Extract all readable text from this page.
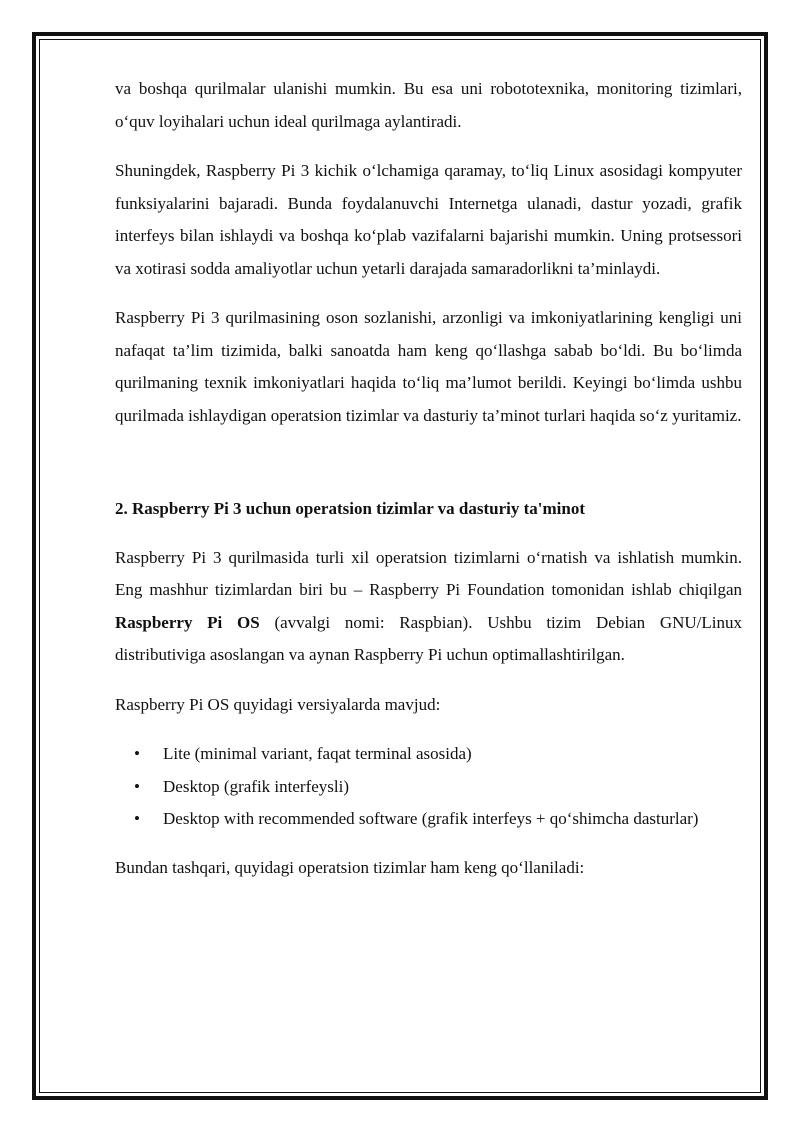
va boshqa qurilmalar ulanishi mumkin. Bu esa uni robototexnika, monitoring tizimlari, o‘quv loyihalari uchun ideal qurilmaga aylantiradi.

Shuningdek, Raspberry Pi 3 kichik o‘lchamiga qaramay, to‘liq Linux asosidagi kompyuter funksiyalarini bajaradi. Bunda foydalanuvchi Internetga ulanadi, dastur yozadi, grafik interfeys bilan ishlaydi va boshqa ko‘plab vazifalarni bajarishi mumkin. Uning protsessori va xotirasi sodda amaliyotlar uchun yetarli darajada samaradorlikni ta’minlaydi.

Raspberry Pi 3 qurilmasining oson sozlanishi, arzonligi va imkoniyatlarining kengligi uni nafaqat ta’lim tizimida, balki sanoatda ham keng qo‘llashga sabab bo‘ldi. Bu bo‘limda qurilmaning texnik imkoniyatlari haqida to‘liq ma’lumot berildi. Keyingi bo‘limda ushbu qurilmada ishlaydigan operatsion tizimlar va dasturiy ta’minot turlari haqida so‘z yuritamiz.

2. Raspberry Pi 3 uchun operatsion tizimlar va dasturiy ta'minot

Raspberry Pi 3 qurilmasida turli xil operatsion tizimlarni o‘rnatish va ishlatish mumkin. Eng mashhur tizimlardan biri bu – Raspberry Pi Foundation tomonidan ishlab chiqilgan Raspberry Pi OS (avvalgi nomi: Raspbian). Ushbu tizim Debian GNU/Linux distributiviga asoslangan va aynan Raspberry Pi uchun optimallashtirilgan.

Raspberry Pi OS quyidagi versiyalarda mavjud:

• Lite (minimal variant, faqat terminal asosida)
• Desktop (grafik interfeysli)
• Desktop with recommended software (grafik interfeys + qo‘shimcha dasturlar)

Bundan tashqari, quyidagi operatsion tizimlar ham keng qo‘llaniladi:
